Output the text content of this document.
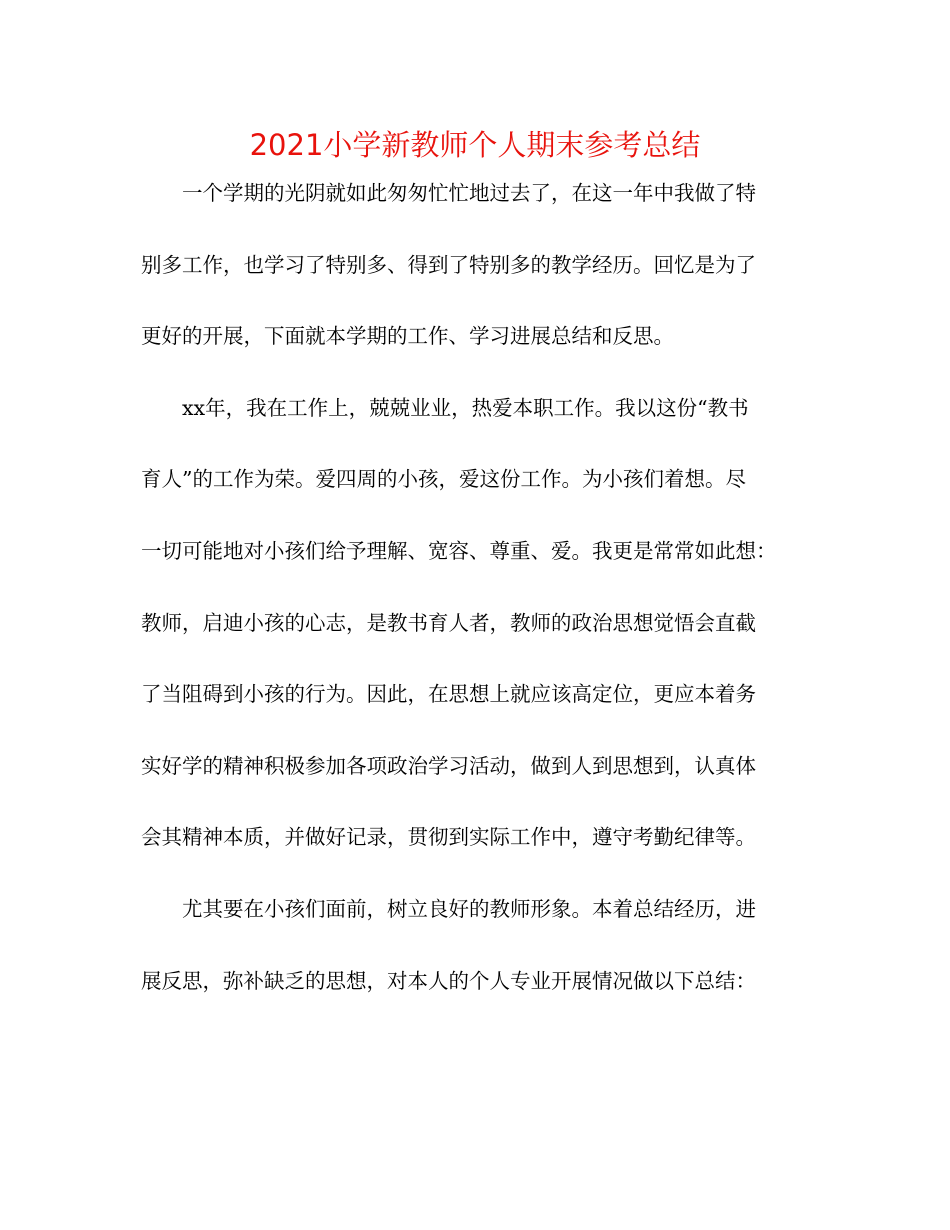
2021小学新教师个人期末参考总结
一个学期的光阴就如此匆匆忙忙地过去了，在这一年中我做了特
别多工作，也学习了特别多、得到了特别多的教学经历。回忆是为了
更好的开展，下面就本学期的工作、学习进展总结和反思。
xx年，我在工作上，兢兢业业，热爱本职工作。我以这份“教书
育人”的工作为荣。爱四周的小孩，爱这份工作。为小孩们着想。尽
一切可能地对小孩们给予理解、宽容、尊重、爱。我更是常常如此想：
教师，启迪小孩的心志，是教书育人者，教师的政治思想觉悟会直截
了当阻碍到小孩的行为。因此，在思想上就应该高定位，更应本着务
实好学的精神积极参加各项政治学习活动，做到人到思想到，认真体
会其精神本质，并做好记录，贯彻到实际工作中，遵守考勤纪律等。
尤其要在小孩们面前，树立良好的教师形象。本着总结经历，进
展反思，弥补缺乏的思想，对本人的个人专业开展情况做以下总结：
